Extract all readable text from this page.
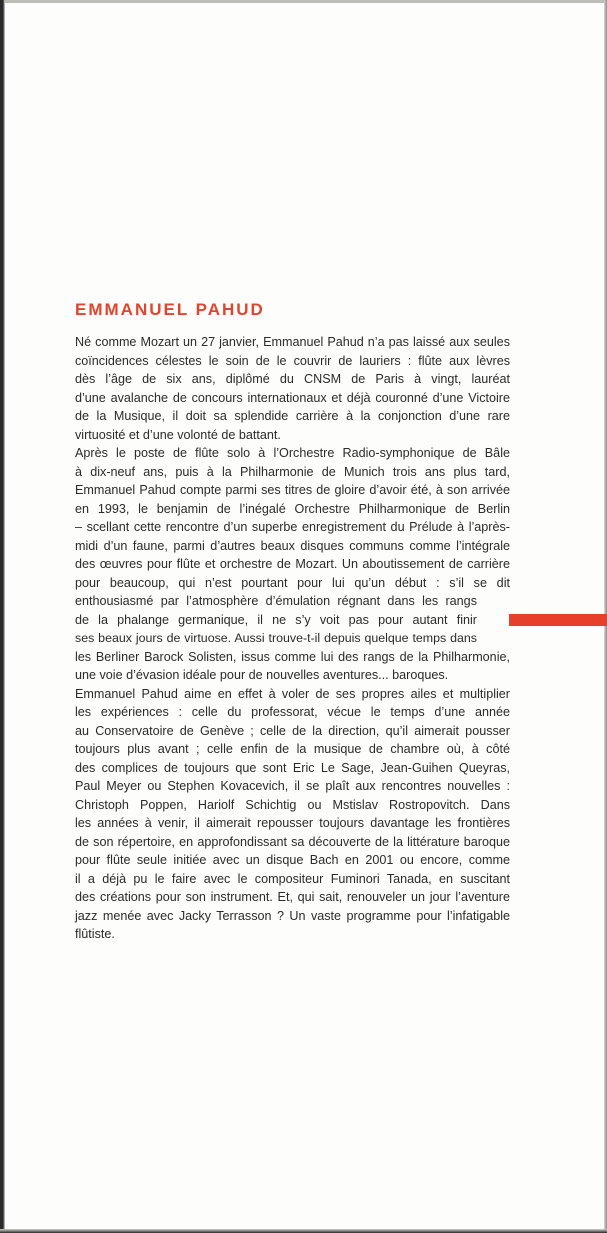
EMMANUEL PAHUD
Né comme Mozart un 27 janvier, Emmanuel Pahud n’a pas laissé aux seules
coïncidences célestes le soin de le couvrir de lauriers : flûte aux lèvres
dès l’âge de six ans, diplômé du CNSM de Paris à vingt, lauréat
d’une avalanche de concours internationaux et déjà couronné d’une Victoire
de la Musique, il doit sa splendide carrière à la conjonction d’une rare
virtuosité et d’une volonté de battant.
Après le poste de flûte solo à l’Orchestre Radio-symphonique de Bâle
à dix-neuf ans, puis à la Philharmonie de Munich trois ans plus tard,
Emmanuel Pahud compte parmi ses titres de gloire d’avoir été, à son arrivée
en 1993, le benjamin de l’inégalé Orchestre Philharmonique de Berlin
– scellant cette rencontre d’un superbe enregistrement du Prélude à l’après-
midi d’un faune, parmi d’autres beaux disques communs comme l’intégrale
des œuvres pour flûte et orchestre de Mozart. Un aboutissement de carrière
pour beaucoup, qui n’est pourtant pour lui qu’un début : s’il se dit
enthousiasmé par l’atmosphère d’émulation régnant dans les rangs
de la phalange germanique, il ne s’y voit pas pour autant finir
ses beaux jours de virtuose. Aussi trouve-t-il depuis quelque temps dans
les Berliner Barock Solisten, issus comme lui des rangs de la Philharmonie,
une voie d’évasion idéale pour de nouvelles aventures... baroques.
Emmanuel Pahud aime en effet à voler de ses propres ailes et multiplier
les expériences : celle du professorat, vécue le temps d’une année
au Conservatoire de Genève ; celle de la direction, qu’il aimerait pousser
toujours plus avant ; celle enfin de la musique de chambre où, à côté
des complices de toujours que sont Eric Le Sage, Jean-Guihen Queyras,
Paul Meyer ou Stephen Kovacevich, il se plaît aux rencontres nouvelles :
Christoph Poppen, Hariolf Schichtig ou Mstislav Rostropovitch. Dans
les années à venir, il aimerait repousser toujours davantage les frontières
de son répertoire, en approfondissant sa découverte de la littérature baroque
pour flûte seule initiée avec un disque Bach en 2001 ou encore, comme
il a déjà pu le faire avec le compositeur Fuminori Tanada, en suscitant
des créations pour son instrument. Et, qui sait, renouveler un jour l’aventure
jazz menée avec Jacky Terrasson ? Un vaste programme pour l’infatigable
flûtiste.
